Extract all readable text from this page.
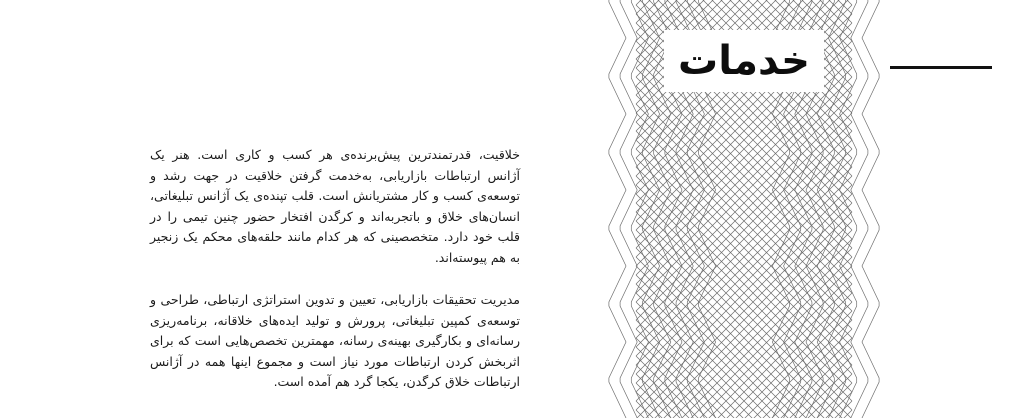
خدمات

خلاقیت، قدرتمندترین پیش‌برنده‌ی هر کسب و کاری است. هنر یک آژانس ارتباطات بازاریابی، به‌خدمت گرفتن خلاقیت در جهت رشد و توسعه‌ی کسب و کار مشتریانش است. قلب تپنده‌ی یک آژانس تبلیغاتی، انسان‌های خلاق و باتجربه‌اند و کرگدن افتخار حضور چنین تیمی را در قلب خود دارد. متخصصینی که هر کدام مانند حلقه‌های محکم یک زنجیر به هم پیوسته‌اند.

مدیریت تحقیقات بازاریابی، تعیین و تدوین استراتژی ارتباطی، طراحی و توسعه‌ی کمپین تبلیغاتی، پرورش و تولید ایده‌های خلاقانه، برنامه‌ریزی رسانه‌ای و بکارگیری بهینه‌ی رسانه، مهمترین تخصص‌هایی است که برای اثربخش کردن ارتباطات مورد نیاز است و مجموع اینها همه در آژانس ارتباطات خلاق کرگدن، یکجا گرد هم آمده است.
